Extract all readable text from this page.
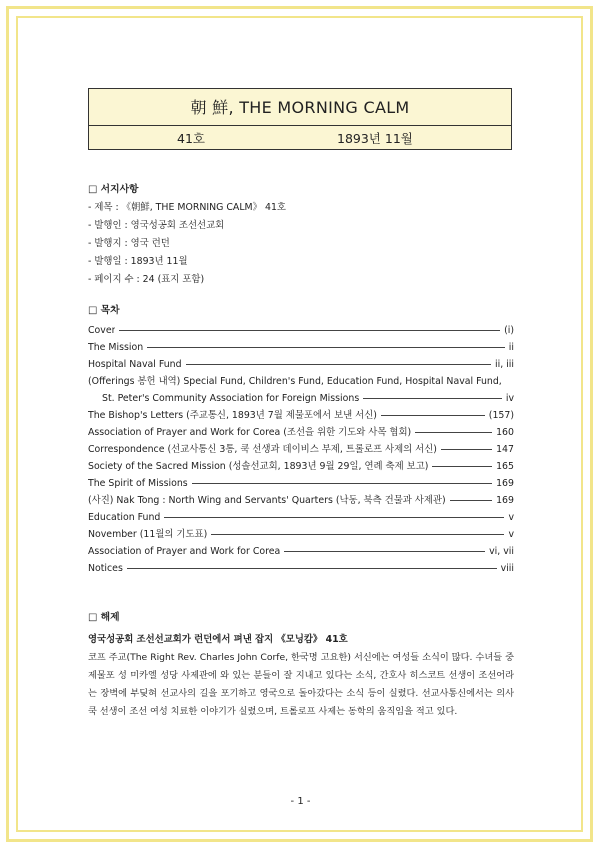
朝 鮮, THE MORNING CALM
41호	1893년 11월
□ 서지사항
- 제목 : 《朝鮮, THE MORNING CALM》 41호
- 발행인 : 영국성공회 조선선교회
- 발행지 : 영국 런던
- 발행일 : 1893년 11월
- 페이지 수 : 24 (표지 포함)
□ 목차
Cover	(i)
The Mission	ii
Hospital Naval Fund	ii, iii
(Offerings 봉헌 내역) Special Fund, Children's Fund, Education Fund, Hospital Naval Fund,
St. Peter's Community Association for Foreign Missions	iv
The Bishop's Letters (주교통신, 1893년 7월 제물포에서 보낸 서신)	(157)
Association of Prayer and Work for Corea (조선을 위한 기도와 사목 협회)	160
Correspondence (선교사통신 3통, 쿡 선생과 데이비스 부제, 트롤로프 사제의 서신)	147
Society of the Sacred Mission (성솔선교회, 1893년 9월 29일, 연례 축제 보고)	165
The Spirit of Missions	169
(사진) Nak Tong : North Wing and Servants' Quarters (낙동, 북측 건물과 사제관)	169
Education Fund	v
November (11월의 기도표)	v
Association of Prayer and Work for Corea	vi, vii
Notices	viii
□ 해제
영국성공회 조선선교회가 런던에서 펴낸 잡지 《모닝캄》 41호
코프 주교(The Right Rev. Charles John Corfe, 한국명 고요한) 서신에는 여성들 소식이 많다. 수녀들 중 제물포 성 미카엘 성당 사제관에 와 있는 분들이 잘 지내고 있다는 소식, 간호사 히스코트 선생이 조선어라는 장벽에 부딪혀 선교사의 길을 포기하고 영국으로 돌아갔다는 소식 등이 실렸다. 선교사통신에서는 의사 쿡 선생이 조선 여성 치료한 이야기가 실렸으며, 트롤로프 사제는 동학의 움직임을 적고 있다.
- 1 -
